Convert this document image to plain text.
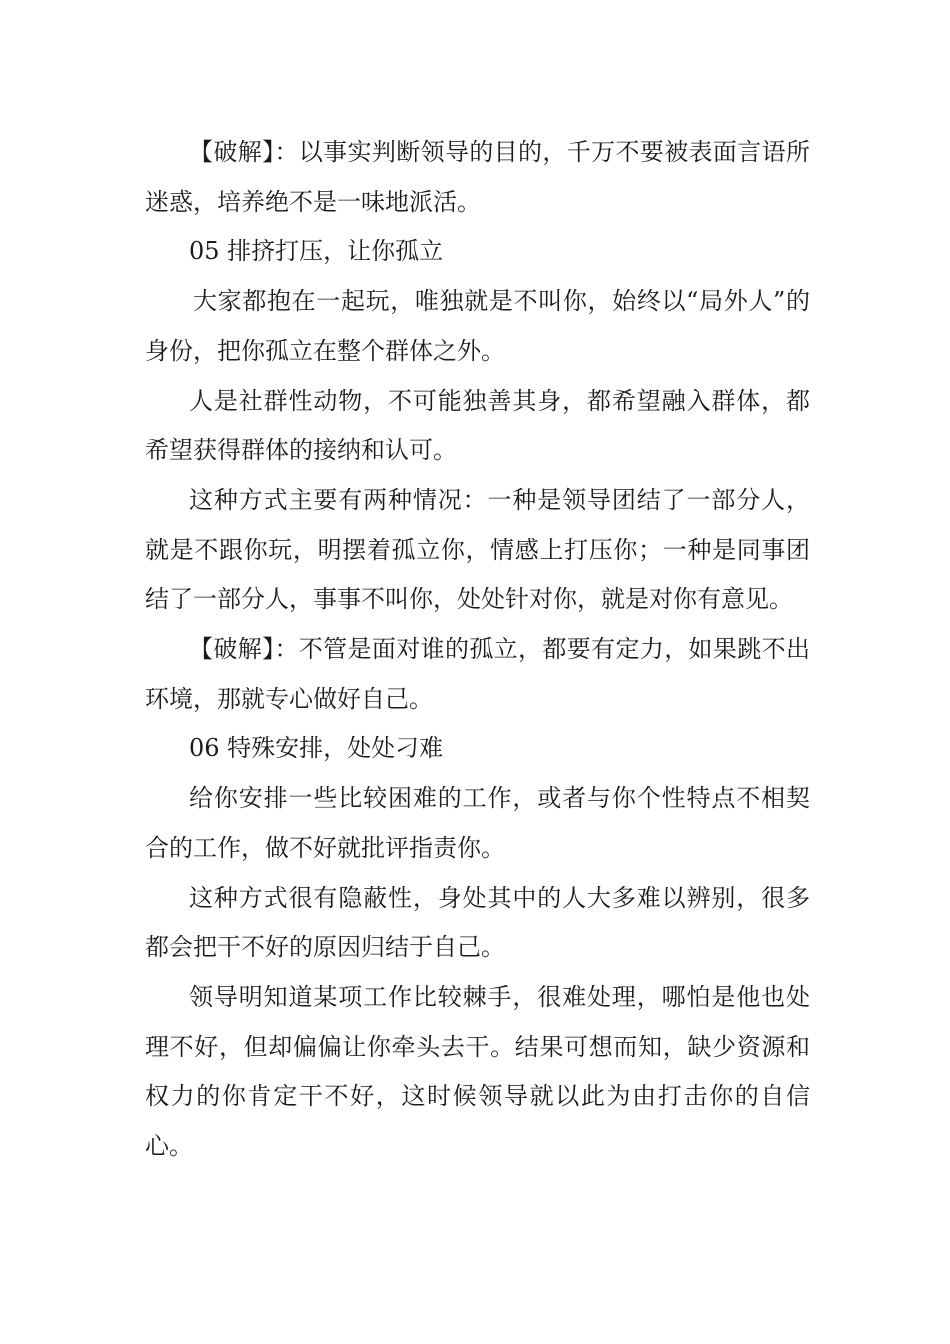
【破解】：以事实判断领导的目的，千万不要被表面言语所迷惑，培养绝不是一味地派活。

05 排挤打压，让你孤立

大家都抱在一起玩，唯独就是不叫你，始终以“局外人”的身份，把你孤立在整个群体之外。

人是社群性动物，不可能独善其身，都希望融入群体，都希望获得群体的接纳和认可。

这种方式主要有两种情况：一种是领导团结了一部分人，就是不跟你玩，明摆着孤立你，情感上打压你；一种是同事团结了一部分人，事事不叫你，处处针对你，就是对你有意见。

【破解】：不管是面对谁的孤立，都要有定力，如果跳不出环境，那就专心做好自己。

06 特殊安排，处处刁难

给你安排一些比较困难的工作，或者与你个性特点不相契合的工作，做不好就批评指责你。

这种方式很有隐蔽性，身处其中的人大多难以辨别，很多都会把干不好的原因归结于自己。

领导明知道某项工作比较棘手，很难处理，哪怕是他也处理不好，但却偏偏让你牵头去干。结果可想而知，缺少资源和权力的你肯定干不好，这时候领导就以此为由打击你的自信心。
